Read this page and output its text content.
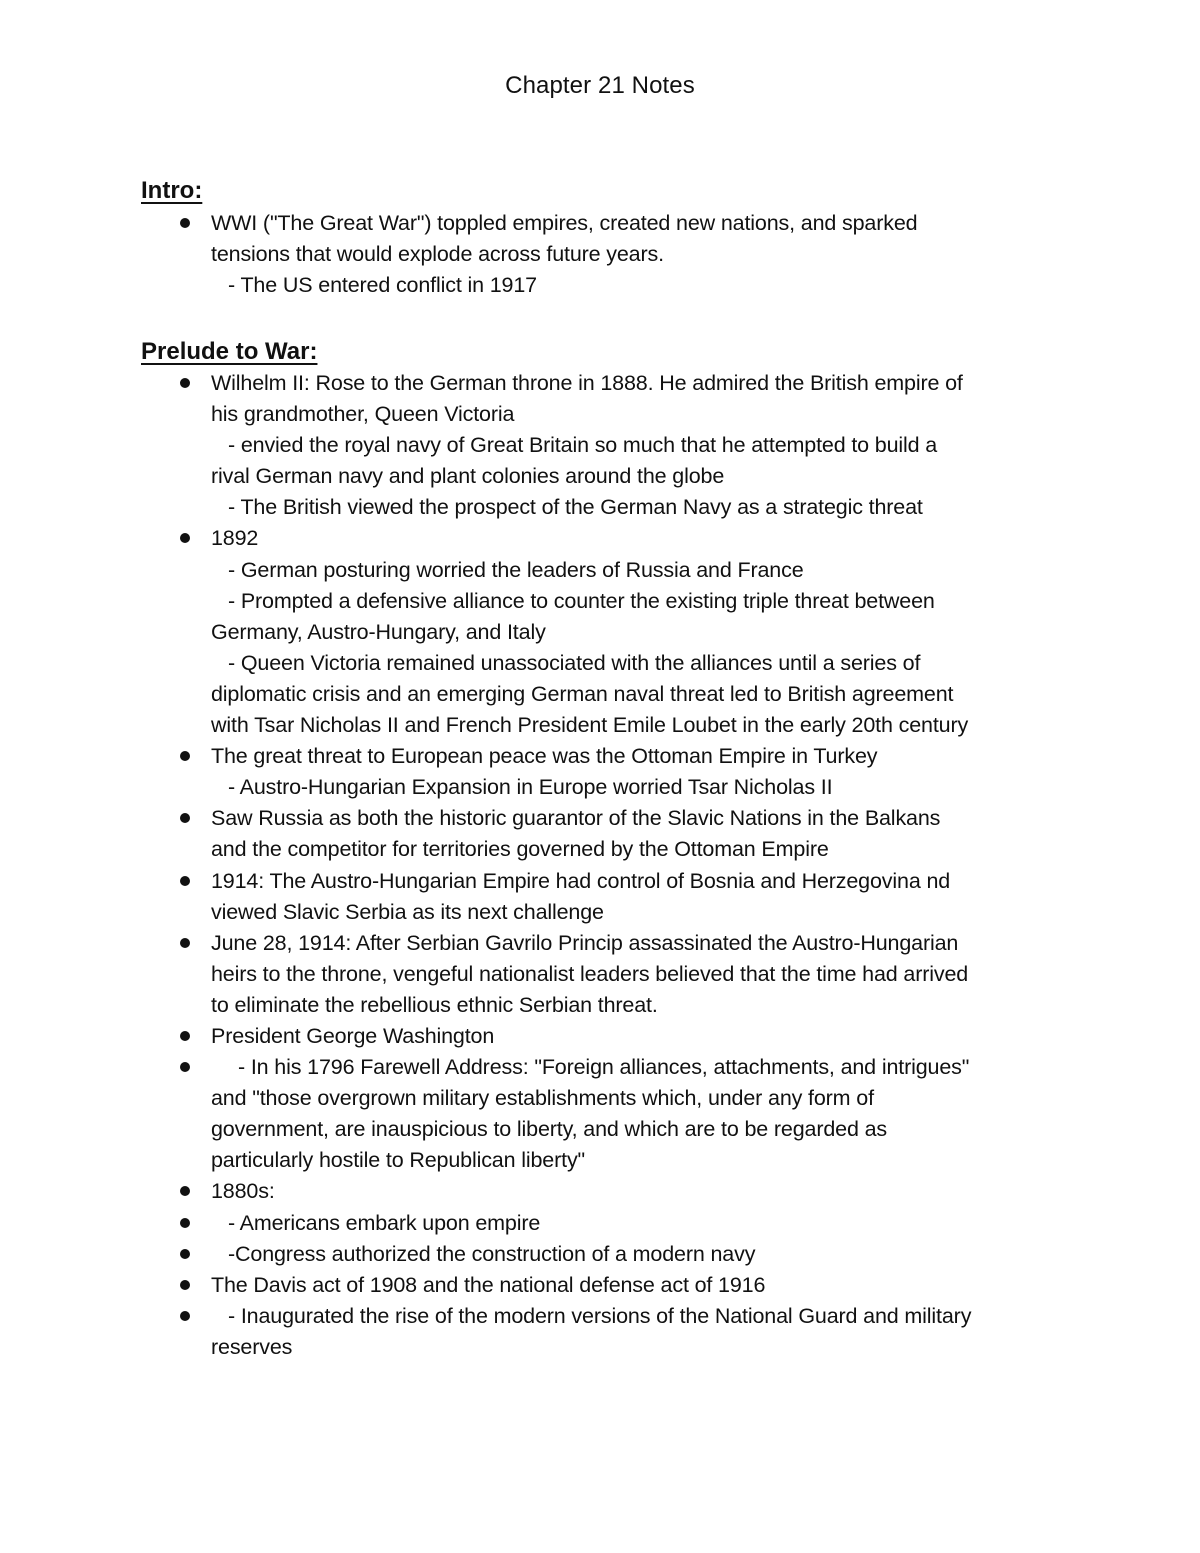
Chapter 21 Notes
Intro:
WWI ("The Great War") toppled empires, created new nations, and sparked
tensions that would explode across future years.
- The US entered conflict in 1917
Prelude to War:
Wilhelm II: Rose to the German throne in 1888. He admired the British empire of
his grandmother, Queen Victoria
- envied the royal navy of Great Britain so much that he attempted to build a
rival German navy and plant colonies around the globe
- The British viewed the prospect of the German Navy as a strategic threat
1892
- German posturing worried the leaders of Russia and France
- Prompted a defensive alliance to counter the existing triple threat between
Germany, Austro-Hungary, and Italy
- Queen Victoria remained unassociated with the alliances until a series of
diplomatic crisis and an emerging German naval threat led to British agreement
with Tsar Nicholas II and French President Emile Loubet in the early 20th century
The great threat to European peace was the Ottoman Empire in Turkey
- Austro-Hungarian Expansion in Europe worried Tsar Nicholas II
Saw Russia as both the historic guarantor of the Slavic Nations in the Balkans
and the competitor for territories governed by the Ottoman Empire
1914: The Austro-Hungarian Empire had control of Bosnia and Herzegovina nd
viewed Slavic Serbia as its next challenge
June 28, 1914: After Serbian Gavrilo Princip assassinated the Austro-Hungarian
heirs to the throne, vengeful nationalist leaders believed that the time had arrived
to eliminate the rebellious ethnic Serbian threat.
President George Washington
- In his 1796 Farewell Address: "Foreign alliances, attachments, and intrigues"
and "those overgrown military establishments which, under any form of
government, are inauspicious to liberty, and which are to be regarded as
particularly hostile to Republican liberty"
1880s:
- Americans embark upon empire
-Congress authorized the construction of a modern navy
The Davis act of 1908 and the national defense act of 1916
- Inaugurated the rise of the modern versions of the National Guard and military
reserves
